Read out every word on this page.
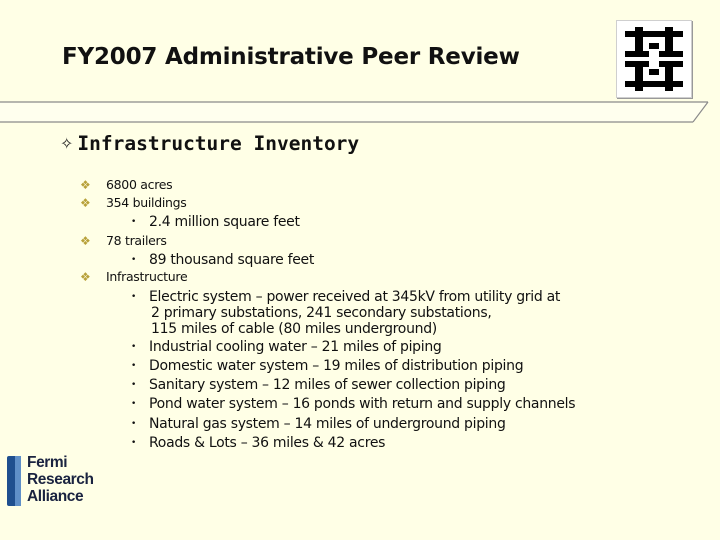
FY2007 Administrative Peer Review
✧ Infrastructure Inventory
❖	6800 acres
❖	354 buildings
• 2.4 million square feet
❖	78 trailers
• 89 thousand square feet
❖	Infrastructure
• Electric system – power received at 345kV from utility grid at
2 primary substations, 241 secondary substations,
115 miles of cable (80 miles underground)
• Industrial cooling water – 21 miles of piping
• Domestic water system – 19 miles of distribution piping
• Sanitary system – 12 miles of sewer collection piping
• Pond water system – 16 ponds with return and supply channels
• Natural gas system – 14 miles of underground piping
• Roads & Lots – 36 miles & 42 acres
Fermi
Research
Alliance
